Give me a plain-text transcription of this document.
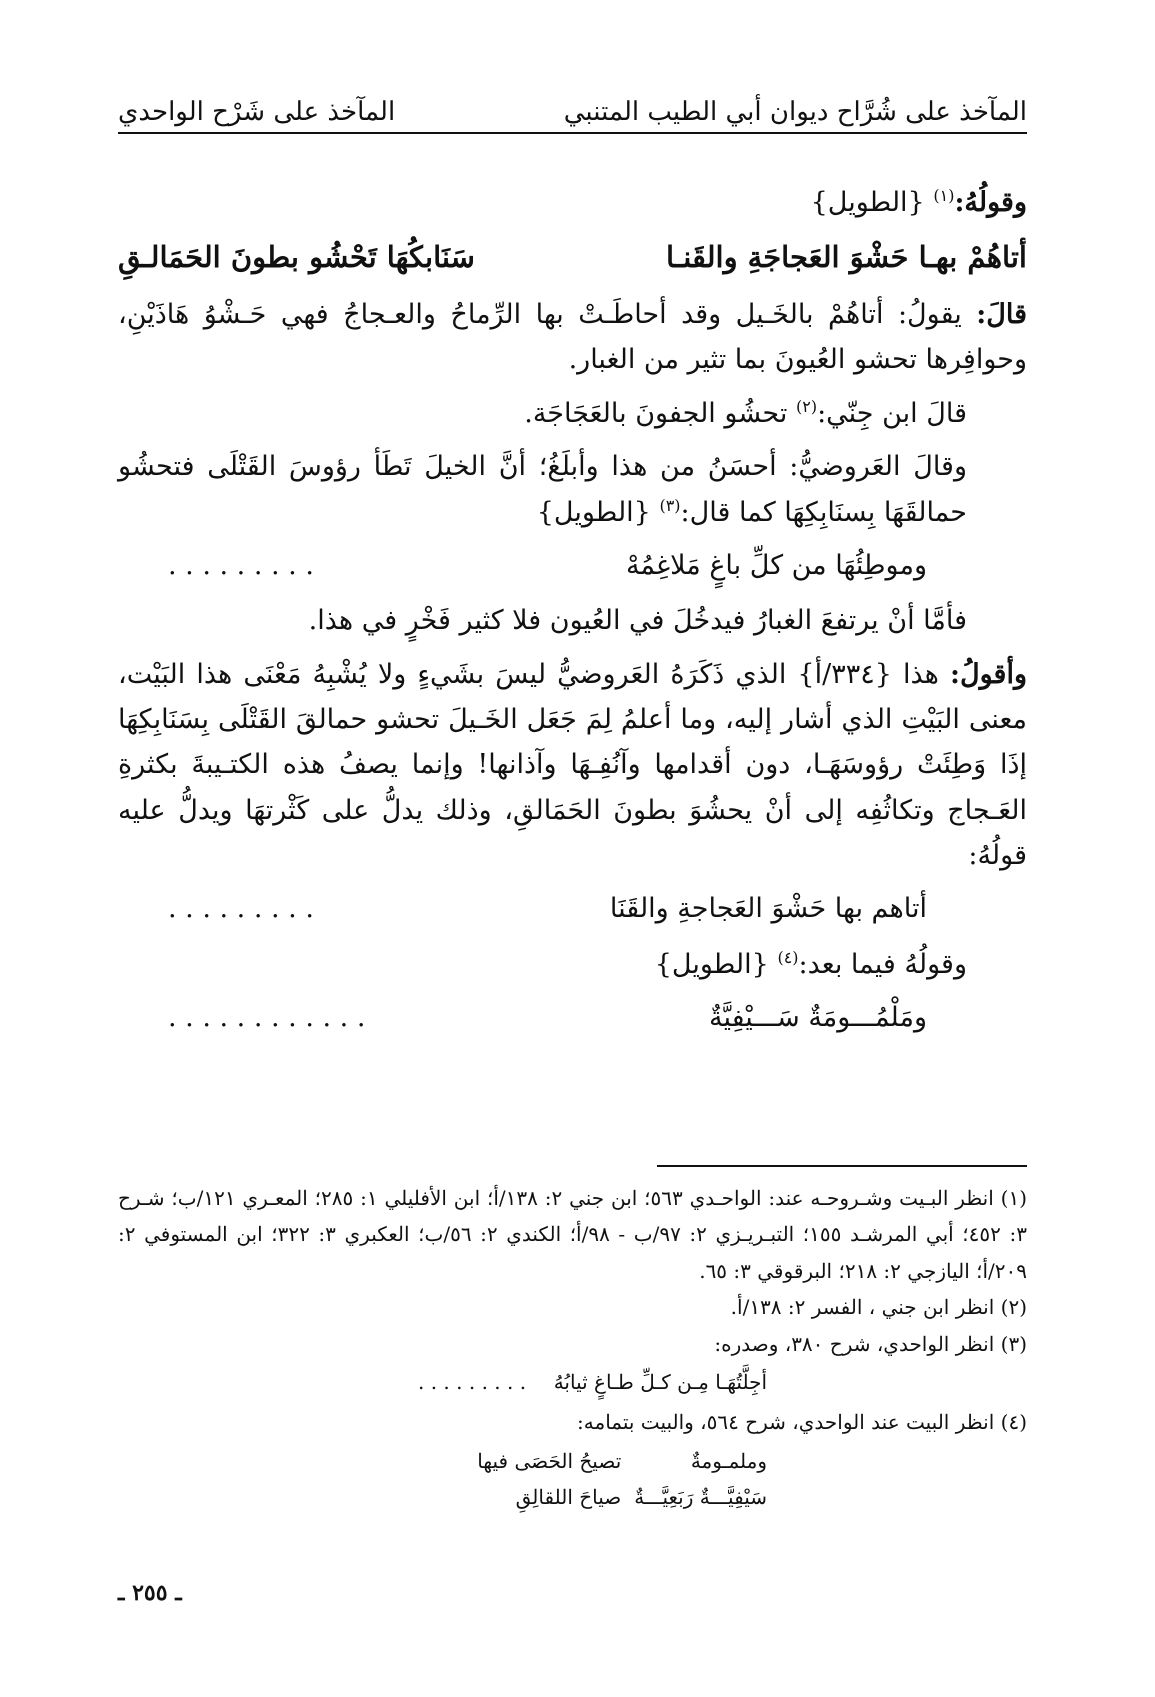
المآخذ على شُرَّاح ديوان أبي الطيب المتنبي
المآخذ على شَرْح الواحدي

وقولُهُ:$^{(١)}$ {الطويل}

أتاهُمْ بهـا حَشْوَ العَجاجَةِ والقَنـا
سَنَابكُهَا تَحْشُو بطونَ الحَمَالـقِ

قالَ: يقولُ: أتاهُمْ بالخَـيل وقد أحاطَـتْ بها الرِّماحُ والعـجاجُ فهي حَـشْوُ هَاذَيْنِ، وحوافِرها تحشو العُيونَ بما تثير من الغبار.

قالَ ابن جِنّي:$^{(٢)}$ تحشُو الجفونَ بالعَجَاجَة.

وقالَ العَروضيُّ: أحسَنُ من هذا وأبلَغُ؛ أنَّ الخيلَ تَطَأ رؤوسَ القَتْلَى فتحشُو حمالقَهَا بِسنَابِكِهَا كما قال:$^{(٣)}$ {الطويل}

وموطِئُهَا من كلِّ باغٍ مَلاغِمُهْ
. . . . . . . . .

فأمَّا أنْ يرتفعَ الغبارُ فيدخُلَ في العُيون فلا كثير فَخْرٍ في هذا.

وأقولُ: هذا {٣٣٤/أ} الذي ذَكَرَهُ العَروضيُّ ليسَ بشَيءٍ ولا يُشْبِهُ مَعْنَى هذا البَيْت، معنى البَيْتِ الذي أشار إليه، وما أعلمُ لِمَ جَعَل الخَـيلَ تحشو حمالقَ القَتْلَى بِسَنَابِكِهَا إذَا وَطِئَتْ رؤوسَهَـا، دون أقدامها وآنُفِـهَا وآذانها! وإنما يصفُ هذه الكتـيبةَ بكثرةِ العَـجاج وتكاثُفِه إلى أنْ يحشُوَ بطونَ الحَمَالقِ، وذلك يدلُّ على كَثْرتهَا ويدلُّ عليه قولُهُ:

أتاهم بها حَشْوَ العَجاجةِ والقَنَا
. . . . . . . . .

وقولُهُ فيما بعد:$^{(٤)}$ {الطويل}

ومَلْمُـــومَةٌ سَـــيْفِيَّةٌ
. . . . . . . . . . . .

(١) انظر البـيت وشـروحـه عند: الواحـدي ٥٦٣؛ ابن جني ٢: ١٣٨/أ؛ ابن الأفليلي ١: ٢٨٥؛ المعـري ١٢١/ب؛ شـرح ٣: ٤٥٢؛ أبي المرشـد ١٥٥؛ التبـريـزي ٢: ٩٧/ب - ٩٨/أ؛ الكندي ٢: ٥٦/ب؛ العكبري ٣: ٣٢٢؛ ابن المستوفي ٢: ٢٠٩/أ؛ اليازجي ٢: ٢١٨؛ البرقوقي ٣: ٦٥.

(٢) انظر ابن جني ، الفسر ٢: ١٣٨/أ.

(٣) انظر الواحدي، شرح ٣٨٠، وصدره:

أجِلَّتُهَـا مِـن كـلِّ طـاغٍ ثيابُهُ
. . . . . . . . .

(٤) انظر البيت عند الواحدي، شرح ٥٦٤، والبيت بتمامه:

وملمـومةٌ سَيْفِيَّـــةٌ رَبَعِيَّـــةٌ
تصيحُ الحَصَى فيها صياحَ اللقالِقِ
ـ ٢٥٥ ـ
